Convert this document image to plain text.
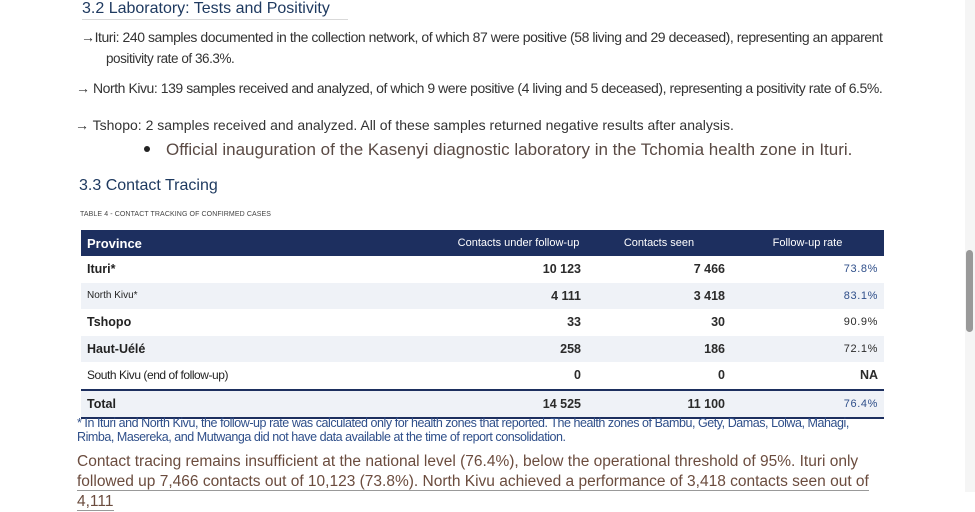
3.2 Laboratory: Tests and Positivity
→Ituri: 240 samples documented in the collection network, of which 87 were positive (58 living and 29 deceased), representing an apparent
positivity rate of 36.3%.
→ North Kivu: 139 samples received and analyzed, of which 9 were positive (4 living and 5 deceased), representing a positivity rate of 6.5%.
→ Tshopo: 2 samples received and analyzed. All of these samples returned negative results after analysis.
Official inauguration of the Kasenyi diagnostic laboratory in the Tchomia health zone in Ituri.
3.3 Contact Tracing
TABLE 4 - CONTACT TRACKING OF CONFIRMED CASES
Province	Contacts under follow-up	Contacts seen	Follow-up rate
Ituri*	10 123	7 466	73.8%
North Kivu*	4 111	3 418	83.1%
Tshopo	33	30	90.9%
Haut-Uélé	258	186	72.1%
South Kivu (end of follow-up)	0	0	NA
Total	14 525	11 100	76.4%
* In Ituri and North Kivu, the follow-up rate was calculated only for health zones that reported. The health zones of Bambu, Gety, Damas, Lolwa, Mahagi, Rimba, Masereka, and Mutwanga did not have data available at the time of report consolidation.
Contact tracing remains insufficient at the national level (76.4%), below the operational threshold of 95%. Ituri only
followed up 7,466 contacts out of 10,123 (73.8%). North Kivu achieved a performance of 3,418 contacts seen out of 4,111
